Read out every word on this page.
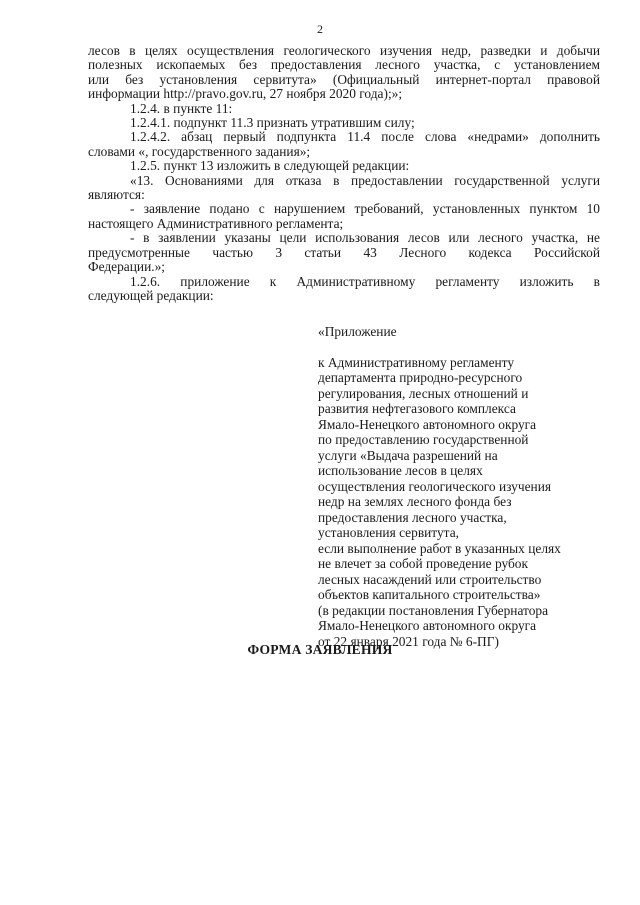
2
лесов в целях осуществления геологического изучения недр, разведки и добычи
полезных ископаемых без предоставления лесного участка, с установлением
или без установления сервитута» (Официальный интернет-портал правовой
информации http://pravo.gov.ru, 27 ноября 2020 года);»;
1.2.4. в пункте 11:
1.2.4.1. подпункт 11.3 признать утратившим силу;
1.2.4.2. абзац первый подпункта 11.4 после слова «недрами» дополнить
словами «, государственного задания»;
1.2.5. пункт 13 изложить в следующей редакции:
«13. Основаниями для отказа в предоставлении государственной услуги
являются:
- заявление подано с нарушением требований, установленных пунктом 10
настоящего Административного регламента;
- в заявлении указаны цели использования лесов или лесного участка, не
предусмотренные частью 3 статьи 43 Лесного кодекса Российской
Федерации.»;
1.2.6. приложение к Административному регламенту изложить в
следующей редакции:
«Приложение
к Административному регламенту
департамента природно-ресурсного
регулирования, лесных отношений и
развития нефтегазового комплекса
Ямало-Ненецкого автономного округа
по предоставлению государственной
услуги «Выдача разрешений на
использование лесов в целях
осуществления геологического изучения
недр на землях лесного фонда без
предоставления лесного участка,
установления сервитута,
если выполнение работ в указанных целях
не влечет за собой проведение рубок
лесных насаждений или строительство
объектов капитального строительства»
(в редакции постановления Губернатора
Ямало-Ненецкого автономного округа
от 22 января 2021 года № 6-ПГ)
ФОРМА ЗАЯВЛЕНИЯ
